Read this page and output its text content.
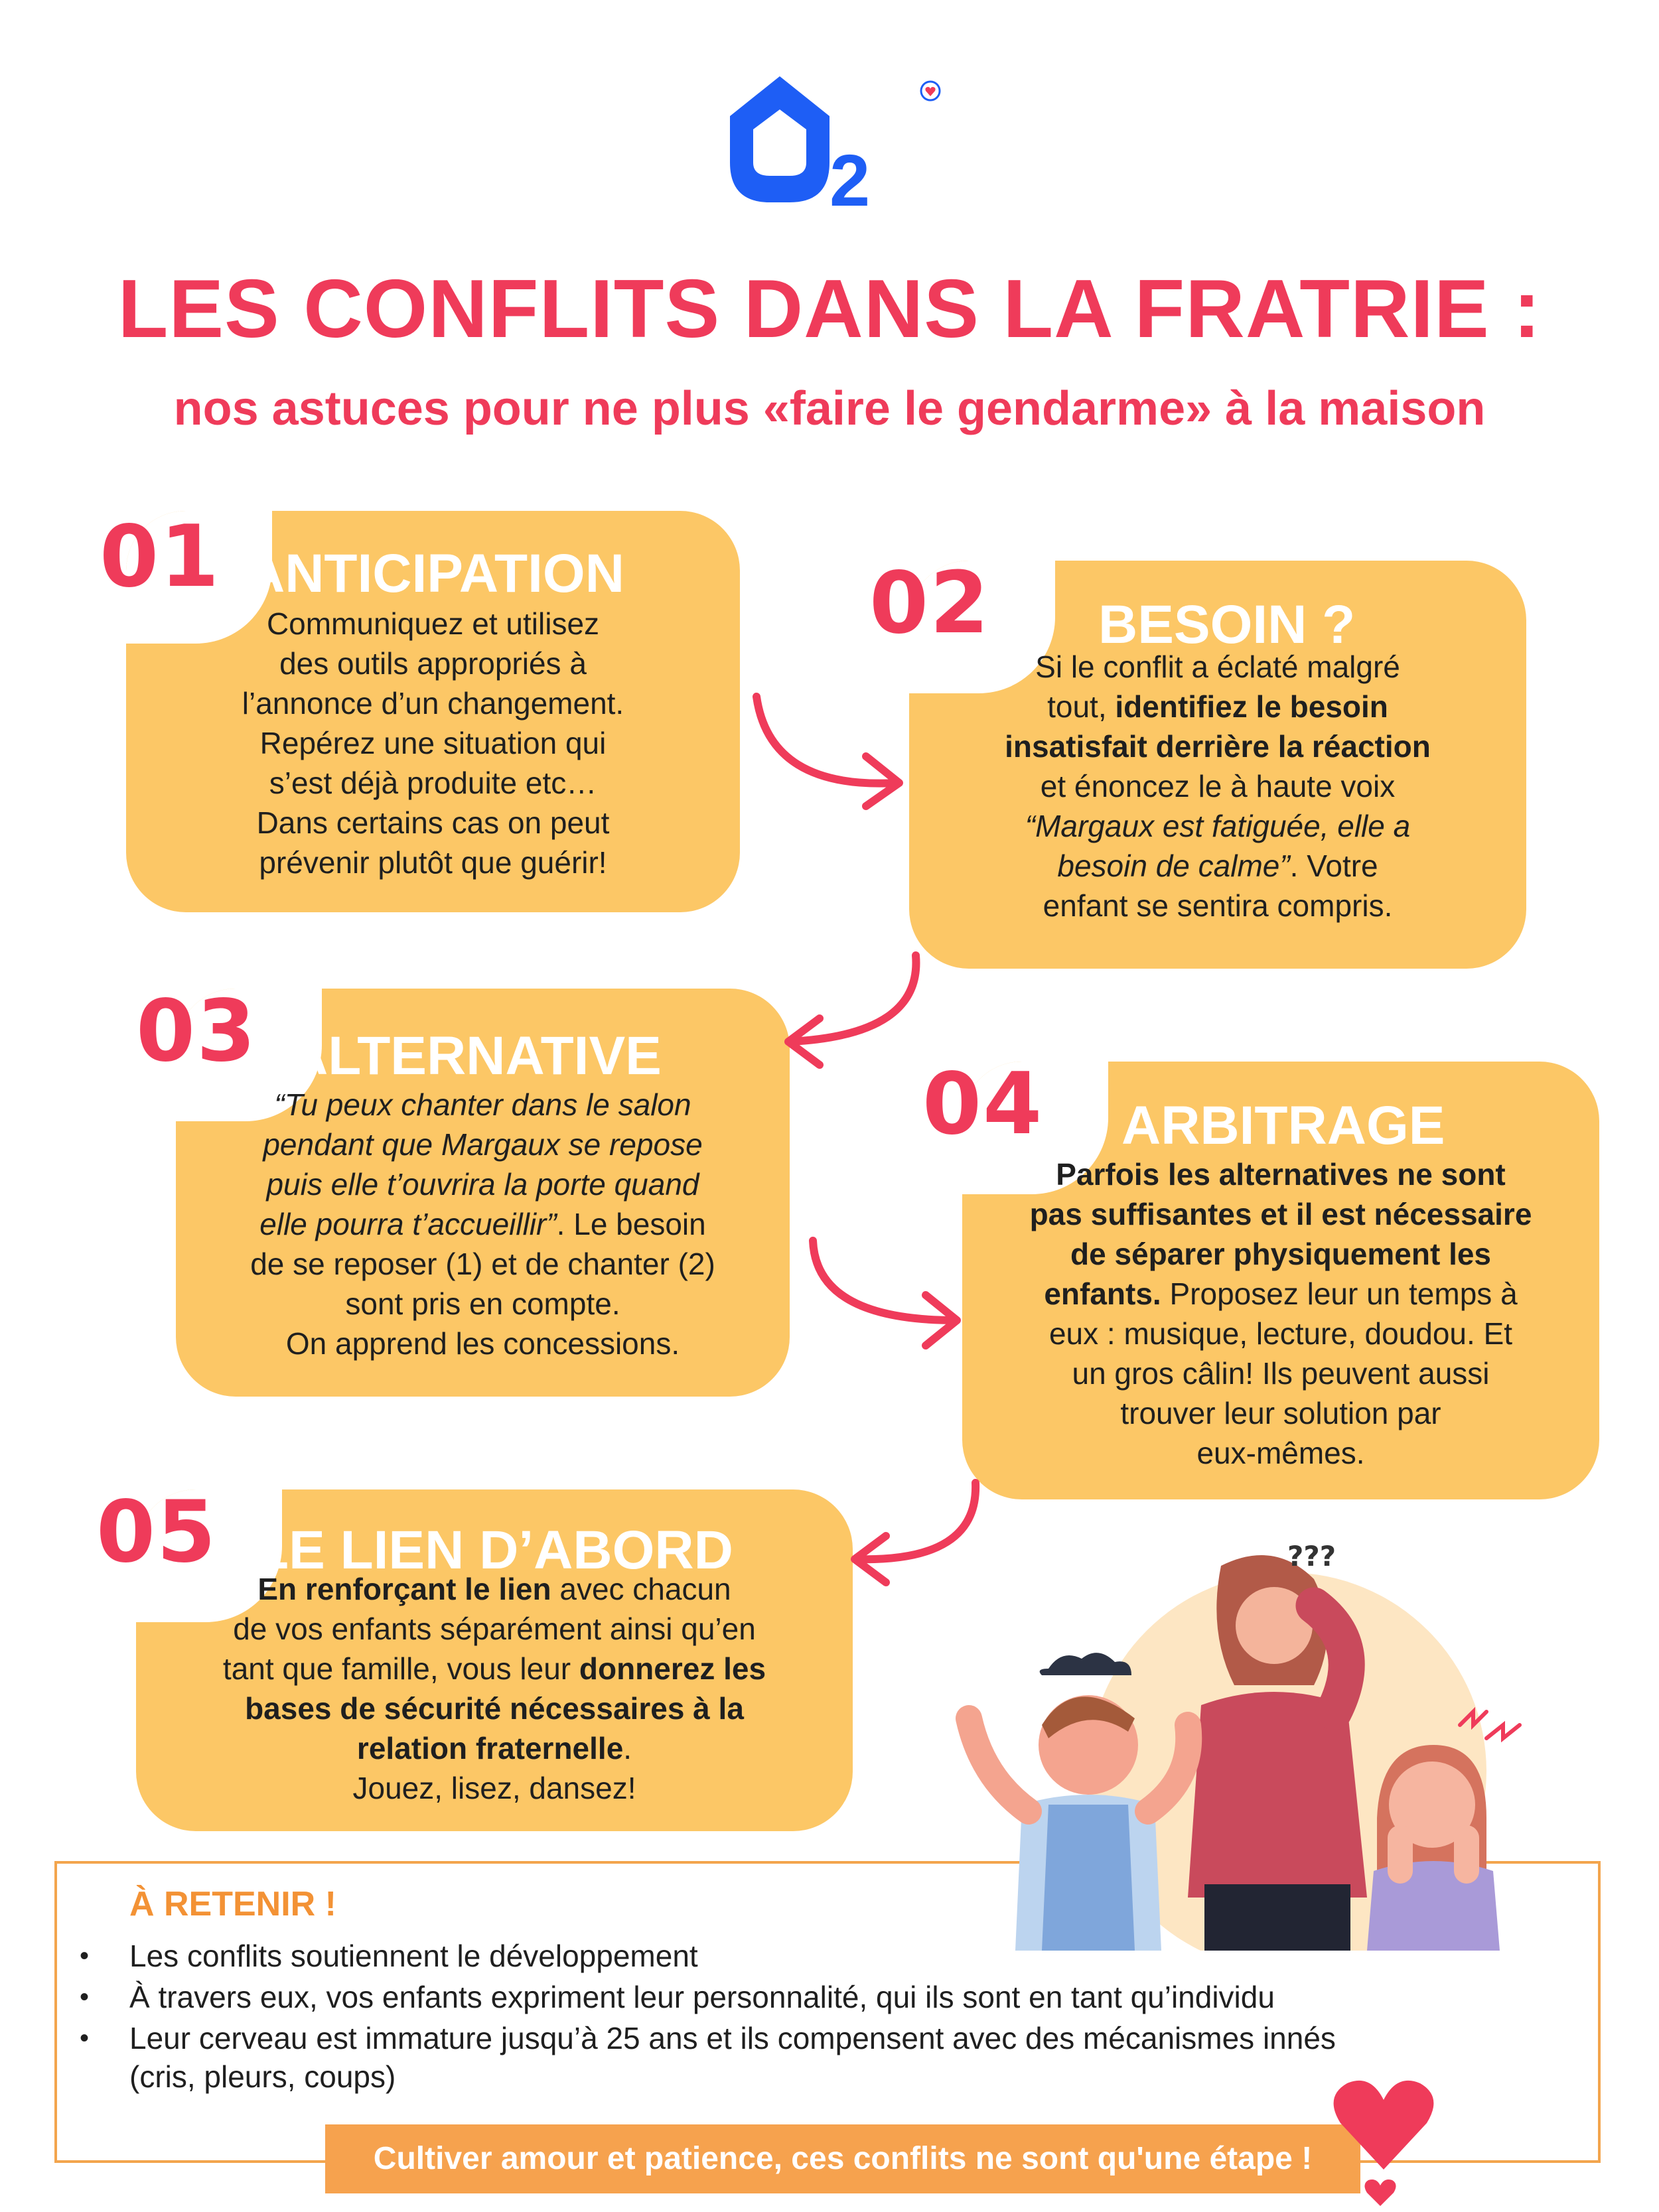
2
LES CONFLITS DANS LA FRATRIE :
nos astuces pour ne plus «faire le gendarme» à la maison
ANTICIPATION

Communiquez et utilisez

des outils appropriés à

l’annonce d’un changement.

Repérez une situation qui

s’est déjà produite etc…

Dans certains cas on peut

prévenir plutôt que guérir!

01
BESOIN ?

Si le conflit a éclaté malgré

tout, identifiez le besoin

insatisfait derrière la réaction

et énoncez le à haute voix

“Margaux est fatiguée, elle a

besoin de calme”. Votre

enfant se sentira compris.

02
ALTERNATIVE

“Tu peux chanter dans le salon

pendant que Margaux se repose

puis elle t’ouvrira la porte quand

elle pourra t’accueillir”. Le besoin

de se reposer (1) et de chanter (2)

sont pris en compte.

On apprend les concessions.

03
ARBITRAGE

Parfois les alternatives ne sont

pas suffisantes et il est nécessaire

de séparer physiquement les

enfants. Proposez leur un temps à

eux : musique, lecture, doudou. Et

un gros câlin! Ils peuvent aussi

trouver leur solution par

eux-mêmes.

04
LE LIEN D’ABORD

En renforçant le lien avec chacun

de vos enfants séparément ainsi qu’en

tant que famille, vous leur donnerez les

bases de sécurité nécessaires à la

relation fraternelle.

Jouez, lisez, dansez!

05
À RETENIR !
• Les conflits soutiennent le développement
• À travers eux, vos enfants expriment leur personnalité, qui ils sont en tant qu’individu
• Leur cerveau est immature jusqu’à 25 ans et ils compensent avec des mécanismes innés
(cris, pleurs, coups)
Cultiver amour et patience, ces conflits ne sont qu'une étape !
???
